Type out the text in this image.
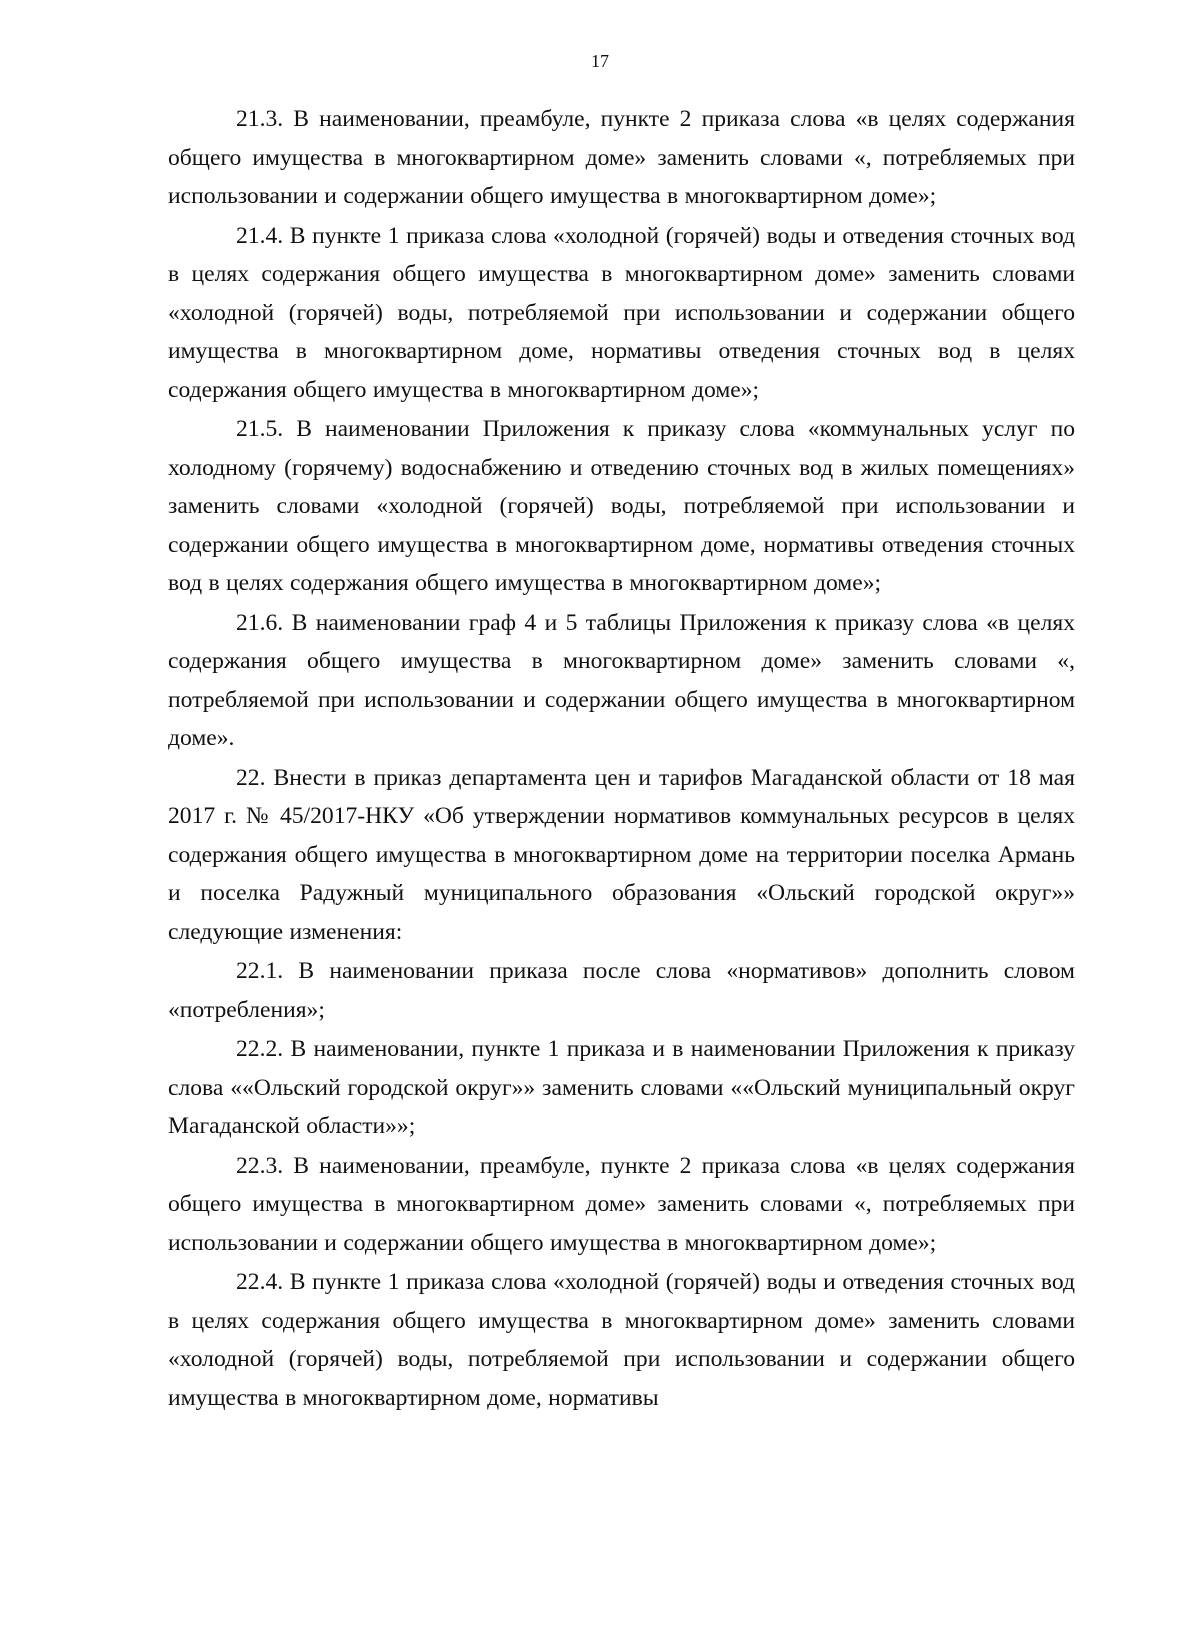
17

21.3. В наименовании, преамбуле, пункте 2 приказа слова «в целях содержания общего имущества в многоквартирном доме» заменить словами «, потребляемых при использовании и содержании общего имущества в многоквартирном доме»;

21.4. В пункте 1 приказа слова «холодной (горячей) воды и отведения сточных вод в целях содержания общего имущества в многоквартирном доме» заменить словами «холодной (горячей) воды, потребляемой при использовании и содержании общего имущества в многоквартирном доме, нормативы отведения сточных вод в целях содержания общего имущества в многоквартирном доме»;

21.5. В наименовании Приложения к приказу слова «коммунальных услуг по холодному (горячему) водоснабжению и отведению сточных вод в жилых помещениях» заменить словами «холодной (горячей) воды, потребляемой при использовании и содержании общего имущества в многоквартирном доме, нормативы отведения сточных вод в целях содержания общего имущества в многоквартирном доме»;

21.6. В наименовании граф 4 и 5 таблицы Приложения к приказу слова «в целях содержания общего имущества в многоквартирном доме» заменить словами «, потребляемой при использовании и содержании общего имущества в многоквартирном доме».

22. Внести в приказ департамента цен и тарифов Магаданской области от 18 мая 2017 г. № 45/2017-НКУ «Об утверждении нормативов коммунальных ресурсов в целях содержания общего имущества в многоквартирном доме на территории поселка Армань и поселка Радужный муниципального образования «Ольский городской округ»» следующие изменения:

22.1. В наименовании приказа после слова «нормативов» дополнить словом «потребления»;

22.2. В наименовании, пункте 1 приказа и в наименовании Приложения к приказу слова ««Ольский городской округ»» заменить словами ««Ольский муниципальный округ Магаданской области»»;

22.3. В наименовании, преамбуле, пункте 2 приказа слова «в целях содержания общего имущества в многоквартирном доме» заменить словами «, потребляемых при использовании и содержании общего имущества в многоквартирном доме»;

22.4. В пункте 1 приказа слова «холодной (горячей) воды и отведения сточных вод в целях содержания общего имущества в многоквартирном доме» заменить словами «холодной (горячей) воды, потребляемой при использовании и содержании общего имущества в многоквартирном доме, нормативы
